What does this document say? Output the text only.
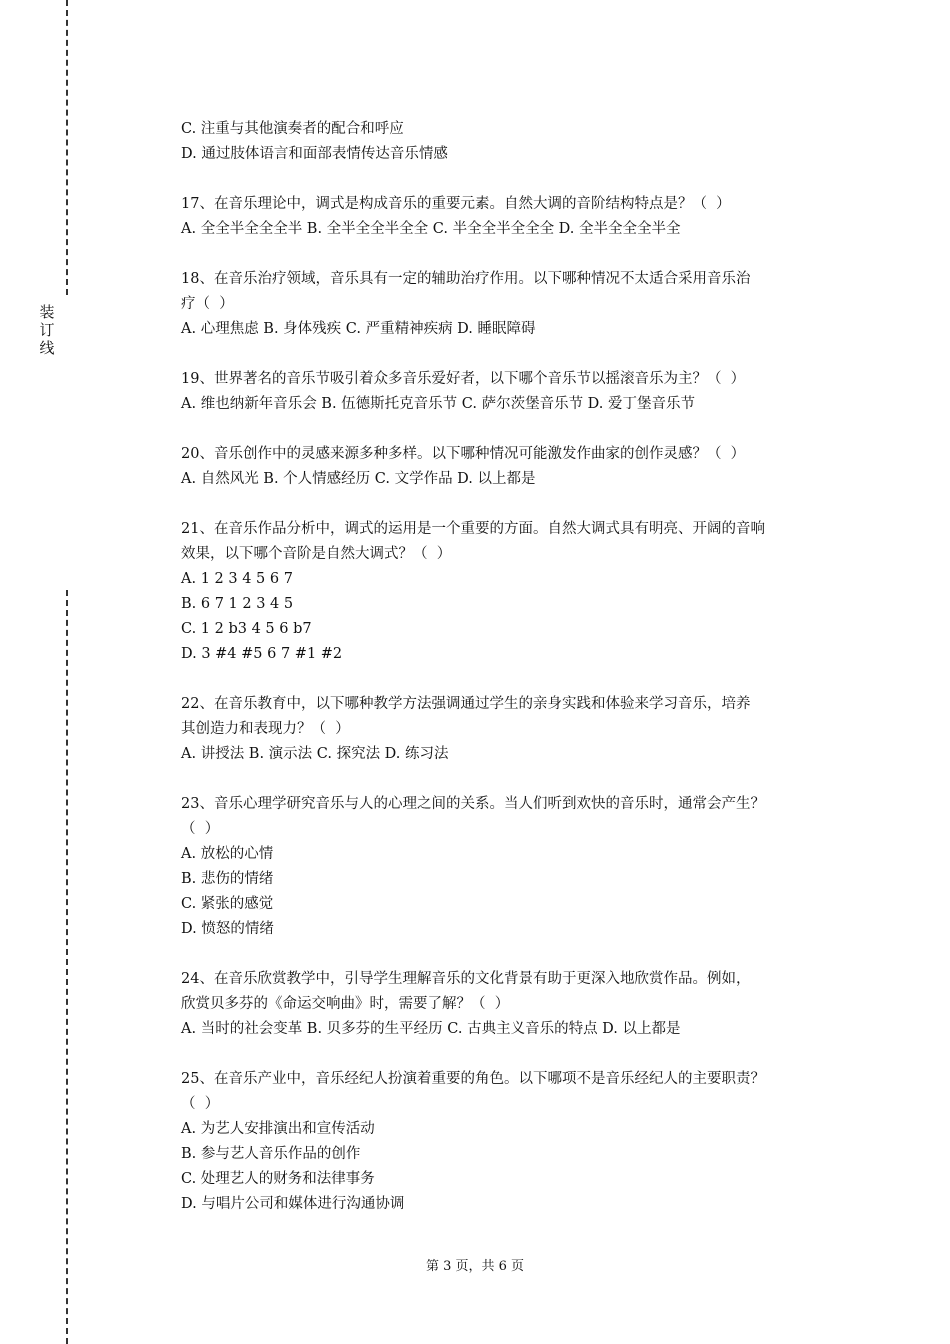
装
订
线
C. 注重与其他演奏者的配合和呼应
D. 通过肢体语言和面部表情传达音乐情感
17、在音乐理论中，调式是构成音乐的重要元素。自然大调的音阶结构特点是？（  ）
A. 全全半全全全半 B. 全半全全半全全 C. 半全全半全全全 D. 全半全全全半全
18、在音乐治疗领域，音乐具有一定的辅助治疗作用。以下哪种情况不太适合采用音乐治
疗（  ）
A. 心理焦虑 B. 身体残疾 C. 严重精神疾病 D. 睡眠障碍
19、世界著名的音乐节吸引着众多音乐爱好者，以下哪个音乐节以摇滚音乐为主？（  ）
A. 维也纳新年音乐会 B. 伍德斯托克音乐节 C. 萨尔茨堡音乐节 D. 爱丁堡音乐节
20、音乐创作中的灵感来源多种多样。以下哪种情况可能激发作曲家的创作灵感？（  ）
A. 自然风光 B. 个人情感经历 C. 文学作品 D. 以上都是
21、在音乐作品分析中，调式的运用是一个重要的方面。自然大调式具有明亮、开阔的音响
效果，以下哪个音阶是自然大调式？（  ）
A. 1 2 3 4 5 6 7
B. 6 7 1 2 3 4 5
C. 1 2 b3 4 5 6 b7
D. 3 #4 #5 6 7 #1 #2
22、在音乐教育中，以下哪种教学方法强调通过学生的亲身实践和体验来学习音乐，培养
其创造力和表现力？（  ）
A. 讲授法 B. 演示法 C. 探究法 D. 练习法
23、音乐心理学研究音乐与人的心理之间的关系。当人们听到欢快的音乐时，通常会产生？
（  ）
A. 放松的心情
B. 悲伤的情绪
C. 紧张的感觉
D. 愤怒的情绪
24、在音乐欣赏教学中，引导学生理解音乐的文化背景有助于更深入地欣赏作品。例如，
欣赏贝多芬的《命运交响曲》时，需要了解？（  ）
A. 当时的社会变革 B. 贝多芬的生平经历 C. 古典主义音乐的特点 D. 以上都是
25、在音乐产业中，音乐经纪人扮演着重要的角色。以下哪项不是音乐经纪人的主要职责？
（  ）
A. 为艺人安排演出和宣传活动
B. 参与艺人音乐作品的创作
C. 处理艺人的财务和法律事务
D. 与唱片公司和媒体进行沟通协调
第 3 页，共 6 页
